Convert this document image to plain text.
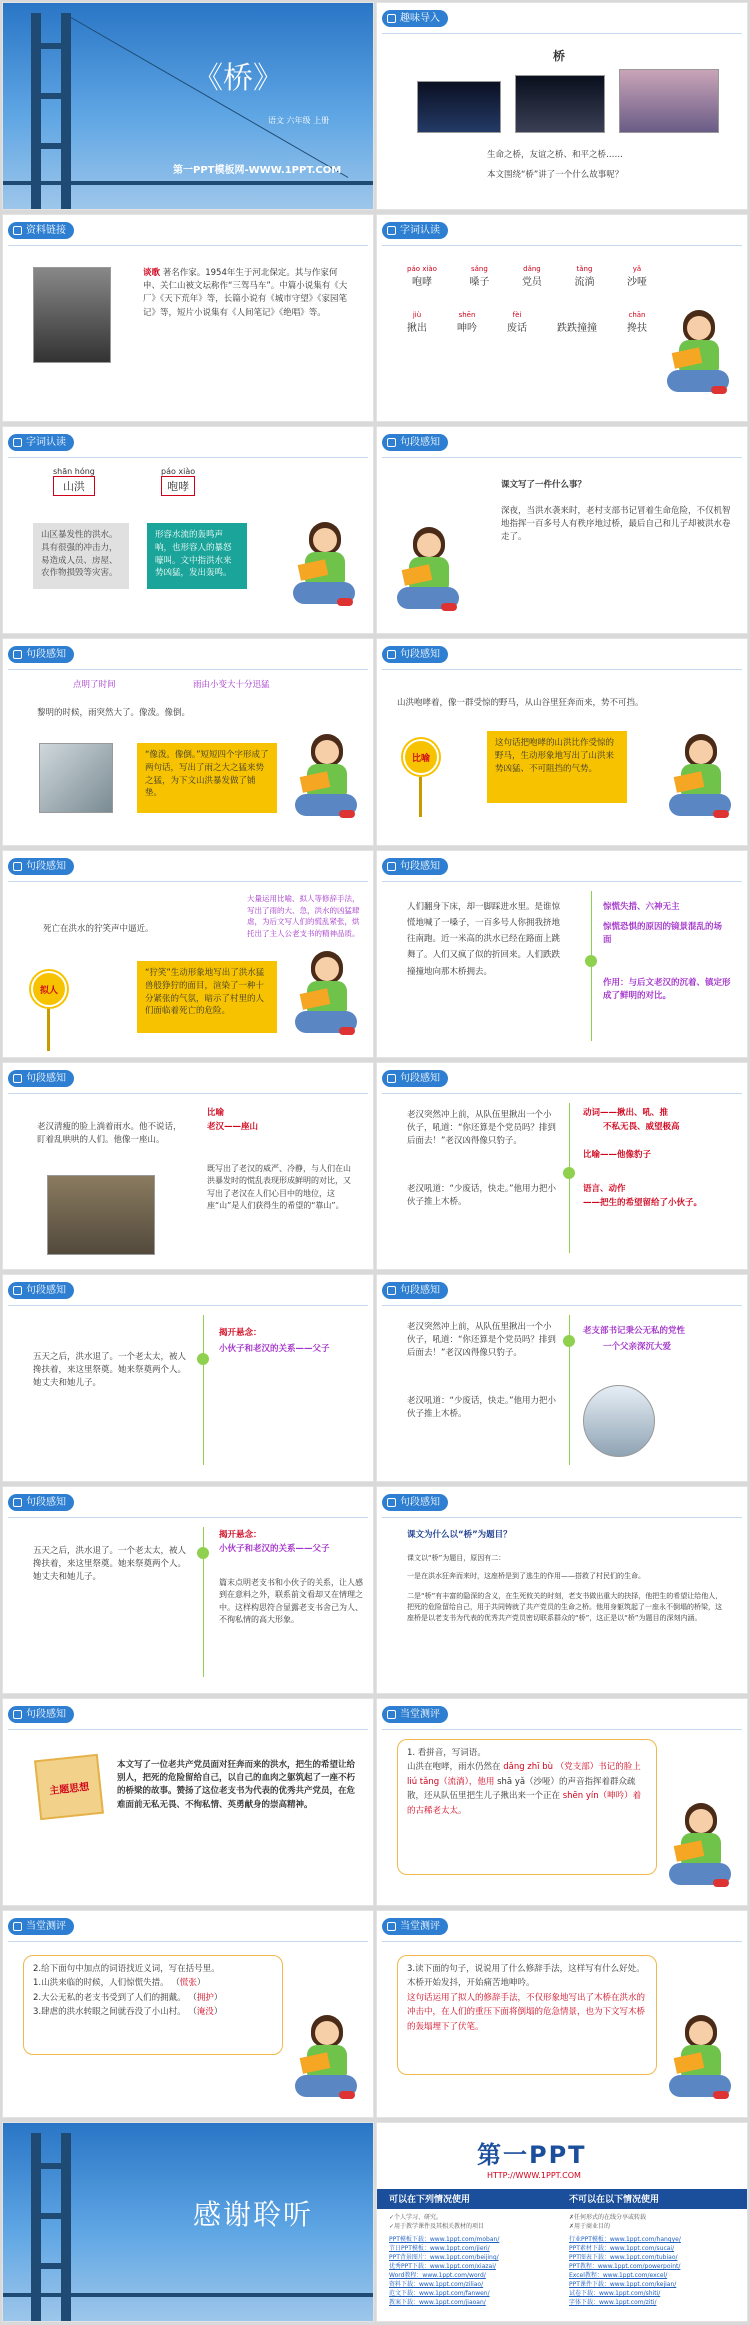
《桥》
语文 六年级 上册
第一PPT模板网-WWW.1PPT.COM
趣味导入
桥
生命之桥，友谊之桥、和平之桥……
本文围绕“桥”讲了一个什么故事呢？
资料链接
谈歌 著名作家。1954年生于河北保定。其与作家何申、关仁山被文坛称作“三驾马车”。中篇小说集有《大厂》《天下荒年》等，长篇小说有《城市守望》《家园笔记》等，短片小说集有《人间笔记》《绝唱》等。
字词认读
páo xiào
咆哮
sǎng
嗓子
dǎng
党员
tǎng
流淌
yǎ
沙哑
jiù
揪出
shēn
呻吟
fèi
废话
	跌跌撞撞
chān
搀扶
字词认读
shān hóng
山洪
páo xiào
咆哮
山区暴发性的洪水。具有很强的冲击力，易造成人员、房屋、农作物损毁等灾害。
形容水流的轰鸣声响，也形容人的暴怒嚎叫。文中指洪水来势凶猛，发出轰鸣。
句段感知
课文写了一件什么事？
深夜，当洪水袭来时，老村支部书记冒着生命危险，不仅机智地指挥一百多号人有秩序地过桥，最后自己和儿子却被洪水卷走了。
句段感知
点明了时间	雨由小变大十分迅猛
黎明的时候，雨突然大了。像泼。像倒。
“像泼。像倒。”短短四个字形成了两句话，写出了雨之大之猛来势之猛，为下文山洪暴发做了铺垫。
句段感知
山洪咆哮着，像一群受惊的野马，从山谷里狂奔而来，势不可挡。
比喻
这句话把咆哮的山洪比作受惊的野马，生动形象地写出了山洪来势凶猛、不可阻挡的气势。
句段感知
死亡在洪水的狞笑声中逼近。
大量运用比喻、拟人等修辞手法，写出了雨的大、急，洪水的凶猛肆虐，为后文写人们的慌乱紧张，烘托出了主人公老支书的精神品质。
拟人
“狞笑”生动形象地写出了洪水猛兽般狰狞的面目，渲染了一种十分紧张的气氛，暗示了村里的人们面临着死亡的危险。
句段感知
人们翻身下床，却一脚踩进水里。是谁惊慌地喊了一嗓子，一百多号人你拥我挤地往南跑。近一米高的洪水已经在路面上跳舞了。人们又疯了似的折回来。人们跌跌撞撞地向那木桥拥去。
惊慌失措、六神无主
惊慌恐惧的原因的镜景混乱的场面
作用：与后文老汉的沉着、镇定形成了鲜明的对比。
句段感知
老汉清瘦的脸上淌着雨水。他不说话，盯着乱哄哄的人们。他像一座山。
比喻
老汉——座山
既写出了老汉的威严、冷静，与人们在山洪暴发时的慌乱表现形成鲜明的对比，又写出了老汉在人们心目中的地位，这座“山”是人们获得生的希望的“靠山”。
句段感知
老汉突然冲上前，从队伍里揪出一个小伙子，吼道：“你还算是个党员吗？排到后面去！”老汉凶得像只豹子。
老汉吼道：“少废话，快走。”他用力把小伙子推上木桥。
动词——揪出、吼、推
不私无畏、威望极高
比喻——他像豹子
语言、动作
——把生的希望留给了小伙子。
句段感知
五天之后，洪水退了。一个老太太，被人搀扶着，来这里祭奠。她来祭奠两个人。她丈夫和她儿子。
揭开悬念：
小伙子和老汉的关系——父子
句段感知
老汉突然冲上前，从队伍里揪出一个小伙子，吼道：“你还算是个党员吗？排到后面去！”老汉凶得像只豹子。
老汉吼道：“少废话，快走。”他用力把小伙子推上木桥。
老支部书记秉公无私的党性
一个父亲深沉大爱
句段感知
五天之后，洪水退了。一个老太太，被人搀扶着，来这里祭奠。她来祭奠两个人。她丈夫和她儿子。
揭开悬念：
小伙子和老汉的关系——父子
篇末点明老支书和小伙子的关系，让人感到在意料之外，联系前文看却又在情理之中。这样构思符合显露老支书舍己为人、不徇私情的高大形象。
句段感知
课文为什么以“桥”为题目？
课文以“桥”为题目，原因有二：
一是在洪水狂奔而来时，这座桥是到了逃生的作用——搭救了村民们的生命。
二是“桥”有丰富的隐深的含义，在生死攸关的时刻，老支书做出重大的抉择，他把生的希望让给他人，把死的危险留给自己，用于共同铸就了共产党员的生命之桥。他用身躯筑起了一座永不倒塌的桥梁，这座桥是以老支书为代表的优秀共产党员密切联系群众的“桥”，这正是以“桥”为题目的深刻内涵。
句段感知
主题思想
本文写了一位老共产党员面对狂奔而来的洪水，把生的希望让给别人，把死的危险留给自己，以自己的血肉之躯筑起了一座不朽的桥梁的故事。赞扬了这位老支书为代表的优秀共产党员，在危难面前无私无畏、不徇私情、英勇献身的崇高精神。
当堂测评
1. 看拼音，写词语。
山洪在咆哮，雨水仍然在 dǎng zhī bù （党支部）书记的脸上 liú tǎng（流淌），他用 shā yǎ（沙哑）的声音指挥着群众疏散，还从队伍里把生儿子揪出来一个正在 shēn yín（呻吟）着的古稀老太太。
当堂测评
2.给下面句中加点的词语找近义词，写在括号里。
1.山洪来临的时候，人们惊慌失措。 （慌张）
2.大公无私的老支书受到了人们的拥戴。 （拥护）
3.肆虐的洪水转眼之间就吞没了小山村。 （淹没）
当堂测评
3.读下面的句子，说说用了什么修辞手法，这样写有什么好处。
木桥开始发抖，开始痛苦地呻吟。
这句话运用了拟人的修辞手法，不仅形象地写出了木桥在洪水的冲击中，在人们的重压下面将倒塌的危急情景，也为下文写木桥的轰塌埋下了伏笔。
感谢聆听
第一PPT
HTTP://WWW.1PPT.COM
可以在下列情况使用	不可以在以下情况使用
✓个人学习、研究。
✓用于教学课件及其相关教材的项目
✗任何形式的在线分享或转载
✗用于商业目的
PPT模板下载：www.1ppt.com/moban/
节日PPT模板：www.1ppt.com/jieri/
PPT背景图片：www.1ppt.com/beijing/
优秀PPT下载：www.1ppt.com/xiazai/
Word教程：www.1ppt.com/word/
资料下载：www.1ppt.com/ziliao/
范文下载：www.1ppt.com/fanwen/
教案下载：www.1ppt.com/jiaoan/
行业PPT模板：www.1ppt.com/hangye/
PPT素材下载：www.1ppt.com/sucai/
PPT图表下载：www.1ppt.com/tubiao/
PPT教程：www.1ppt.com/powerpoint/
Excel教程：www.1ppt.com/excel/
PPT课件下载：www.1ppt.com/kejian/
试卷下载：www.1ppt.com/shiti/
字体下载：www.1ppt.com/ziti/
